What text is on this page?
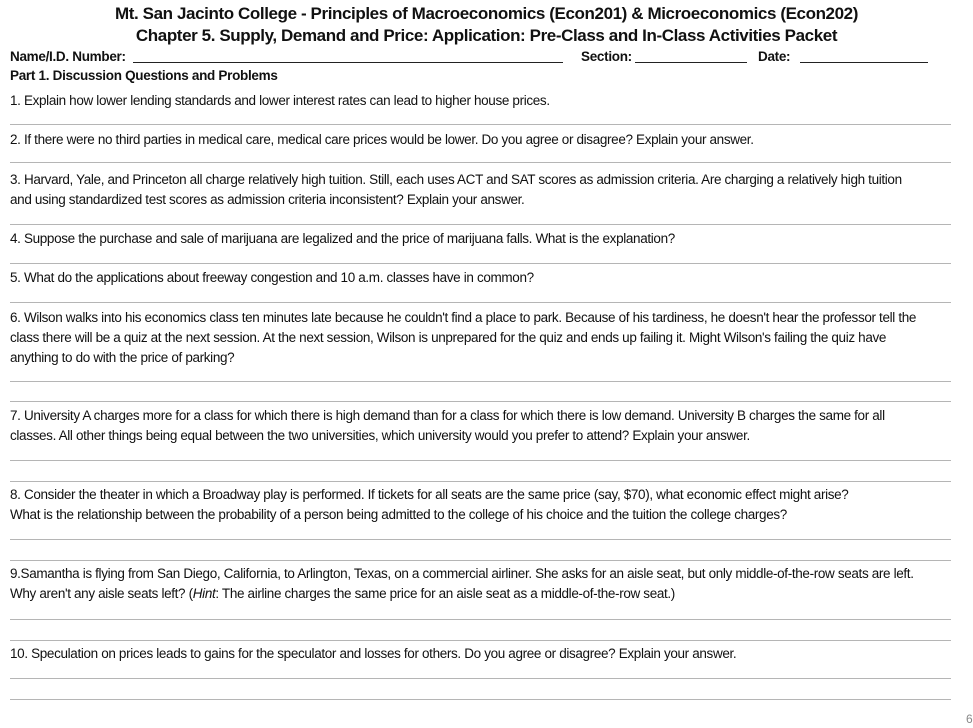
Mt. San Jacinto College - Principles of Macroeconomics (Econ201) & Microeconomics (Econ202)
Chapter 5. Supply, Demand and Price: Application: Pre-Class and In-Class Activities Packet
Name/I.D. Number:	Section:	Date:
Part 1. Discussion Questions and Problems
1. Explain how lower lending standards and lower interest rates can lead to higher house prices.
2. If there were no third parties in medical care, medical care prices would be lower. Do you agree or disagree? Explain your answer.
3. Harvard, Yale, and Princeton all charge relatively high tuition. Still, each uses ACT and SAT scores as admission criteria. Are charging a relatively high tuition
and using standardized test scores as admission criteria inconsistent? Explain your answer.
4. Suppose the purchase and sale of marijuana are legalized and the price of marijuana falls. What is the explanation?
5. What do the applications about freeway congestion and 10 a.m. classes have in common?
6. Wilson walks into his economics class ten minutes late because he couldn't find a place to park. Because of his tardiness, he doesn't hear the professor tell the
class there will be a quiz at the next session. At the next session, Wilson is unprepared for the quiz and ends up failing it. Might Wilson's failing the quiz have
anything to do with the price of parking?
7. University A charges more for a class for which there is high demand than for a class for which there is low demand. University B charges the same for all
classes. All other things being equal between the two universities, which university would you prefer to attend? Explain your answer.
8. Consider the theater in which a Broadway play is performed. If tickets for all seats are the same price (say, $70), what economic effect might arise?
What is the relationship between the probability of a person being admitted to the college of his choice and the tuition the college charges?
9.Samantha is flying from San Diego, California, to Arlington, Texas, on a commercial airliner. She asks for an aisle seat, but only middle-of-the-row seats are left.
Why aren't any aisle seats left? (Hint: The airline charges the same price for an aisle seat as a middle-of-the-row seat.)
10. Speculation on prices leads to gains for the speculator and losses for others. Do you agree or disagree? Explain your answer.
6
